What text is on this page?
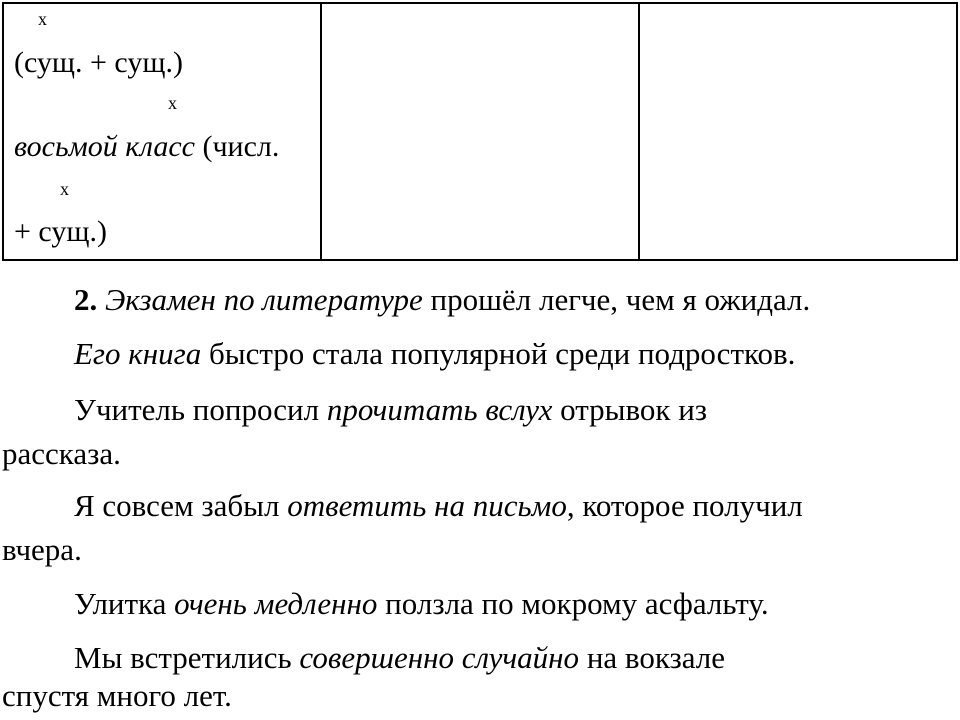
х
(сущ. + сущ.)
х
восьмой класс (числ.
х
+ сущ.)
2. Экзамен по литературе прошёл легче, чем я ожидал.
Его книга быстро стала популярной среди подростков.
Учитель попросил прочитать вслух отрывок из
рассказа.
Я совсем забыл ответить на письмо, которое получил
вчера.
Улитка очень медленно ползла по мокрому асфальту.
Мы встретились совершенно случайно на вокзале
спустя много лет.
